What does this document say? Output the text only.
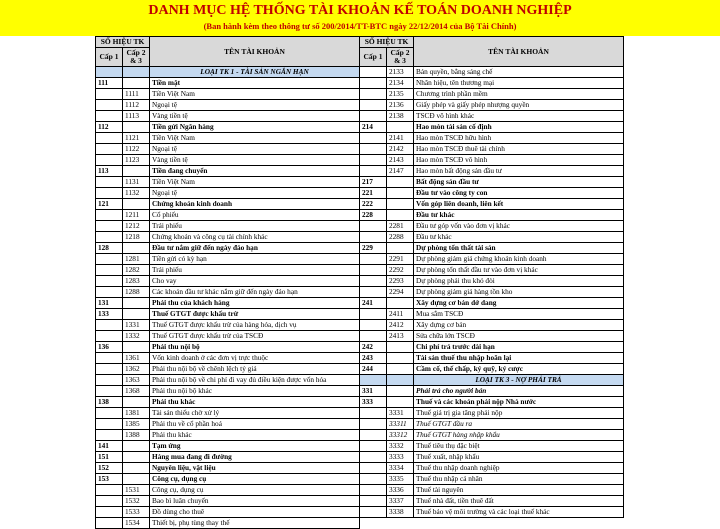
DANH MỤC HỆ THỐNG TÀI KHOẢN KẾ TOÁN DOANH NGHIỆP
(Ban hành kèm theo thông tư số 200/2014/TT-BTC ngày 22/12/2014 của Bộ Tài Chính)
SỐ HIỆU TK		TÊN TÀI KHOẢN
Cấp 1	Cấp 2 & 3	
		LOẠI TK 1 - TÀI SẢN NGẮN HẠN
111		Tiền mặt
	1111	Tiền Việt Nam
	1112	Ngoại tệ
	1113	Vàng tiền tệ
112		Tiền gửi Ngân hàng
	1121	Tiền Việt Nam
	1122	Ngoại tệ
	1123	Vàng tiền tệ
113		Tiền đang chuyển
	1131	Tiền Việt Nam
	1132	Ngoại tệ
121		Chứng khoán kinh doanh
	1211	Cổ phiếu
	1212	Trái phiếu
	1218	Chứng khoán và công cụ tài chính khác
128		Đầu tư nắm giữ đến ngày đáo hạn
	1281	Tiền gửi có kỳ hạn
	1282	Trái phiếu
	1283	Cho vay
	1288	Các khoản đầu tư khác nắm giữ đến ngày đáo hạn
131		Phải thu của khách hàng
133		Thuế GTGT được khấu trừ
	1331	Thuế GTGT được khấu trừ của hàng hóa, dịch vụ
	1332	Thuế GTGT được khấu trừ của TSCĐ
136		Phải thu nội bộ
	1361	Vốn kinh doanh ở các đơn vị trực thuộc
	1362	Phải thu nội bộ về chênh lệch tỷ giá
	1363	Phải thu nội bộ về chi phí đi vay đủ điều kiện được vốn hóa
	1368	Phải thu nội bộ khác
138		Phải thu khác
	1381	Tài sản thiếu chờ xử lý
	1385	Phải thu về cổ phần hoá
	1388	Phải thu khác
141		Tạm ứng
151		Hàng mua đang đi đường
152		Nguyên liệu, vật liệu
153		Công cụ, dụng cụ
	1531	Công cụ, dụng cụ
	1532	Bao bì luân chuyển
	1533	Đồ dùng cho thuê
	1534	Thiết bị, phụ tùng thay thế
SỐ HIỆU TK		TÊN TÀI KHOẢN
Cấp 1	Cấp 2 & 3	
	2133	Bản quyền, bằng sáng chế
	2134	Nhãn hiệu, tên thương mại
	2135	Chương trình phần mềm
	2136	Giấy phép và giấy phép nhượng quyền
	2138	TSCĐ vô hình khác
214		Hao mòn tài sản cố định
	2141	Hao mòn TSCĐ hữu hình
	2142	Hao mòn TSCĐ thuê tài chính
	2143	Hao mòn TSCĐ vô hình
	2147	Hao mòn bất động sản đầu tư
217		Bất động sản đầu tư
221		Đầu tư vào công ty con
222		Vốn góp liên doanh, liên kết
228		Đầu tư khác
	2281	Đầu tư góp vốn vào đơn vị khác
	2288	Đầu tư khác
229		Dự phòng tổn thất tài sản
	2291	Dự phòng giảm giá chứng khoán kinh doanh
	2292	Dự phòng tổn thất đầu tư vào đơn vị khác
	2293	Dự phòng phải thu khó đòi
	2294	Dự phòng giảm giá hàng tồn kho
241		Xây dựng cơ bản dở dang
	2411	Mua sắm TSCĐ
	2412	Xây dựng cơ bản
	2413	Sửa chữa lớn TSCĐ
242		Chi phí trả trước dài hạn
243		Tài sản thuế thu nhập hoãn lại
244		Cầm cố, thế chấp, ký quỹ, ký cược
		LOẠI TK 3 - NỢ PHẢI TRẢ
331		Phải trả cho người bán
333		Thuế và các khoản phải nộp Nhà nước
	3331	Thuế giá trị gia tăng phải nộp
	33311	Thuế GTGT đầu ra
	33312	Thuế GTGT hàng nhập khẩu
	3332	Thuế tiêu thụ đặc biệt
	3333	Thuế xuất, nhập khẩu
	3334	Thuế thu nhập doanh nghiệp
	3335	Thuế thu nhập cá nhân
	3336	Thuế tài nguyên
	3337	Thuế nhà đất, tiền thuê đất
	3338	Thuế bảo vệ môi trường và các loại thuế khác
